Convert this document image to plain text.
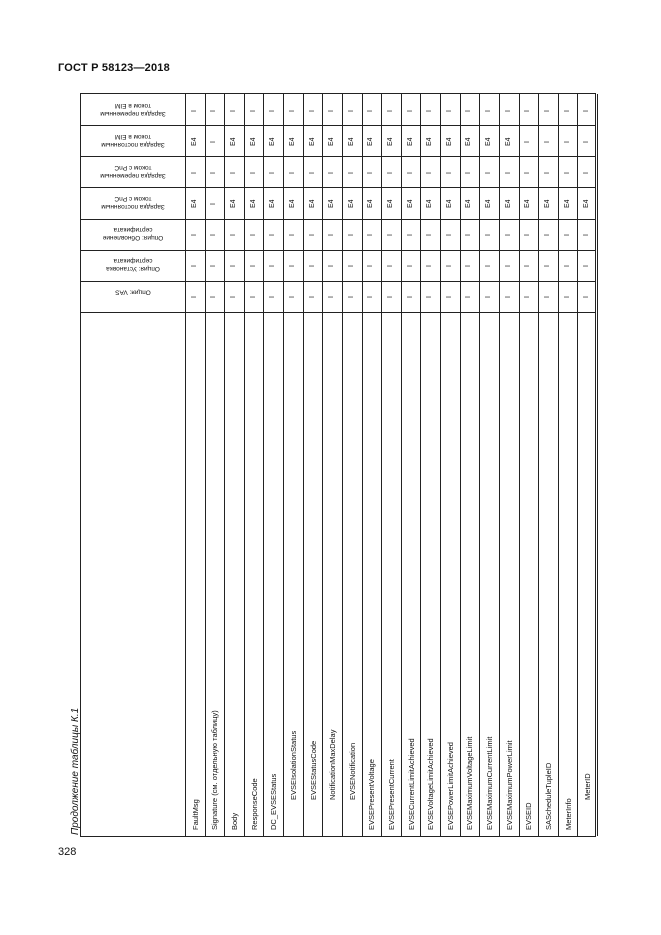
ГОСТ Р 58123—2018
Зарядка переменным током в EIM
Зарядка постоянным током в EIM
Зарядка переменным током с PnC
Зарядка постоянным током с PnC
Опция: Обновление сертификата
Опция: Установка сертификата
Опция: VAS
FaultMsg
I
E4
I
E4
I
I
I
Signature (см. отдельную таблицу)
I
I
I
I
I
I
I
Body
I
E4
I
E4
I
I
I
ResponseCode
I
E4
I
E4
I
I
I
DC_EVSEStatus
I
E4
I
E4
I
I
I
EVSEIsolationStatus
I
E4
I
E4
I
I
I
EVSEStatusCode
I
E4
I
E4
I
I
I
NotificationMaxDelay
I
E4
I
E4
I
I
I
EVSENotification
I
E4
I
E4
I
I
I
EVSEPresentVoltage
I
E4
I
E4
I
I
I
EVSEPresentCurrent
I
E4
I
E4
I
I
I
EVSECurrentLimitAchieved
I
E4
I
E4
I
I
I
EVSEVoltageLimitAchieved
I
E4
I
E4
I
I
I
EVSEPowerLimitAchieved
I
E4
I
E4
I
I
I
EVSEMaximumVoltageLimit
I
E4
I
E4
I
I
I
EVSEMaximumCurrentLimit
I
E4
I
E4
I
I
I
EVSEMaximumPowerLimit
I
E4
I
E4
I
I
I
EVSEID
I
I
I
E4
I
I
I
SAScheduleTupleID
I
I
I
E4
I
I
I
MeterInfo
I
I
I
E4
I
I
I
MeterID
I
I
I
E4
I
I
I
Продолжение таблицы К.1
328
